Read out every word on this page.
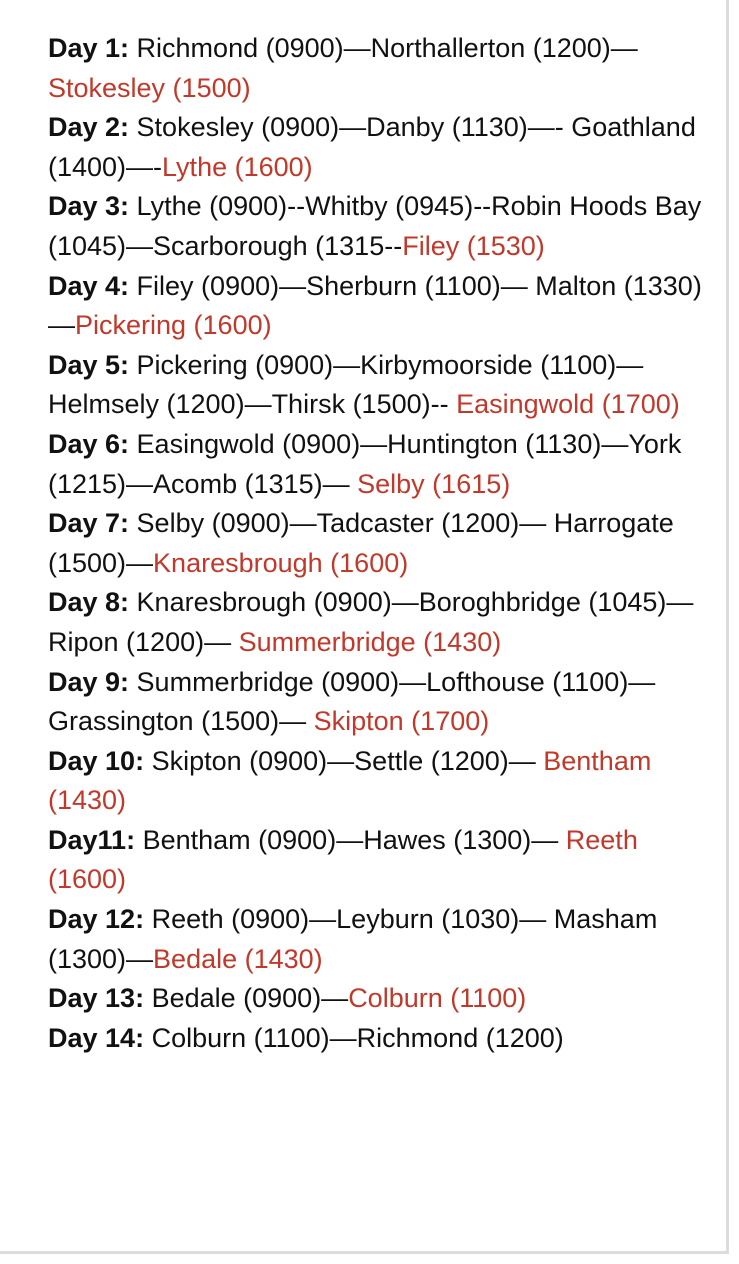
Day 1: Richmond (0900)—Northallerton (1200)—Stokesley (1500)
Day 2: Stokesley (0900)—Danby (1130)—- Goathland (1400)—-Lythe (1600)
Day 3: Lythe (0900)--Whitby (0945)--Robin Hoods Bay (1045)—Scarborough (1315--Filey (1530)
Day 4: Filey (0900)—Sherburn (1100)— Malton (1330)—Pickering (1600)
Day 5: Pickering (0900)—Kirbymoorside (1100)—Helmsely (1200)—Thirsk (1500)-- Easingwold (1700)
Day 6: Easingwold (0900)—Huntington (1130)—York (1215)—Acomb (1315)— Selby (1615)
Day 7: Selby (0900)—Tadcaster (1200)— Harrogate (1500)—Knaresbrough (1600)
Day 8: Knaresbrough (0900)—Boroghbridge (1045)—Ripon (1200)— Summerbridge (1430)
Day 9: Summerbridge (0900)—Lofthouse (1100)—Grassington (1500)— Skipton (1700)
Day 10: Skipton (0900)—Settle (1200)— Bentham (1430)
Day11: Bentham (0900)—Hawes (1300)— Reeth (1600)
Day 12: Reeth (0900)—Leyburn (1030)— Masham (1300)—Bedale (1430)
Day 13: Bedale (0900)—Colburn (1100)
Day 14: Colburn (1100)—Richmond (1200)
